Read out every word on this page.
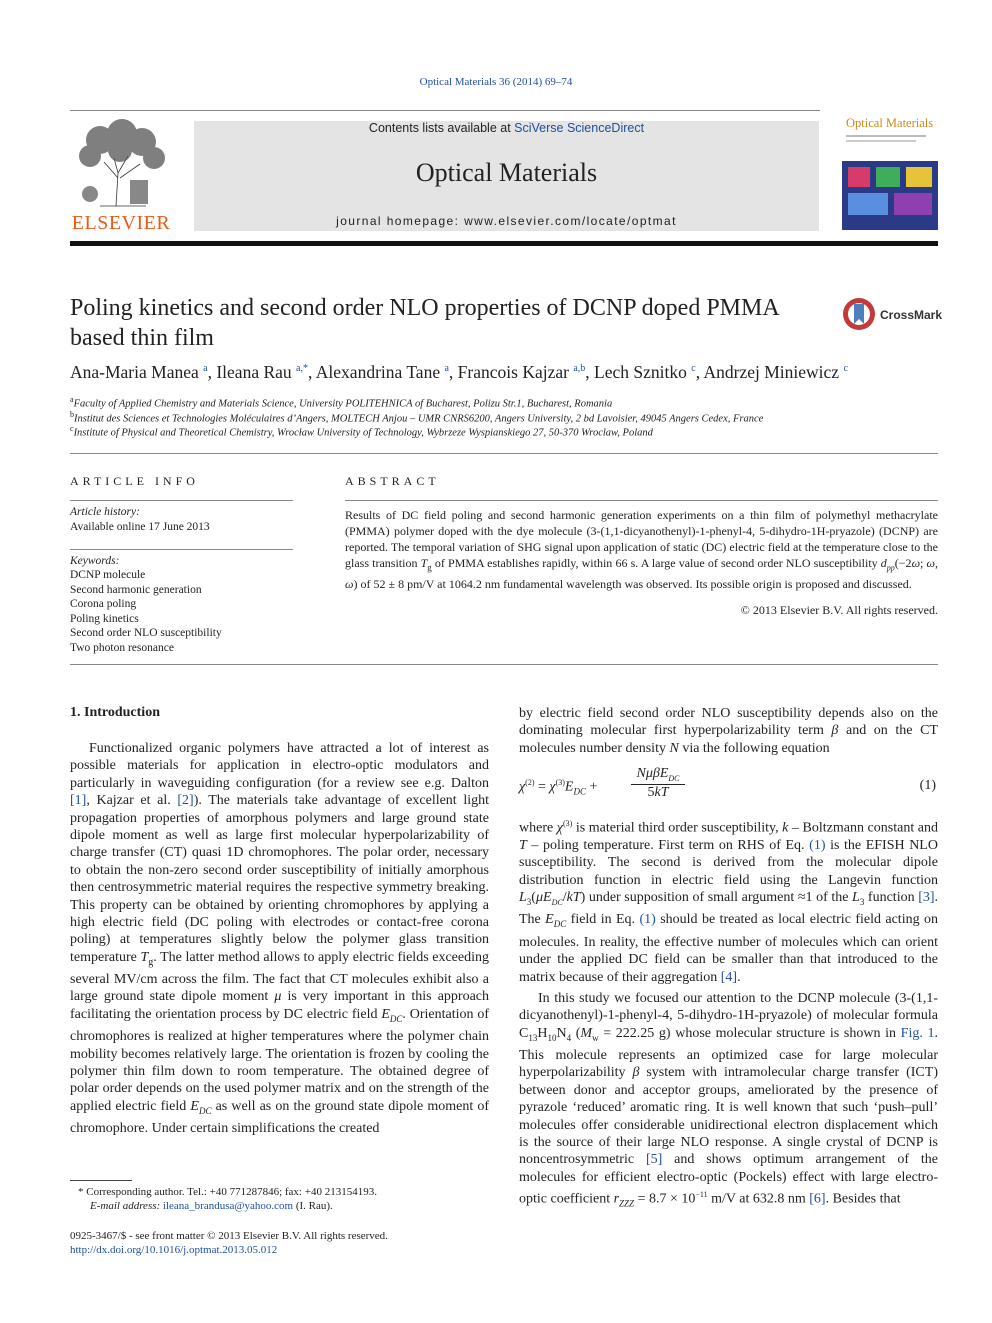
Optical Materials 36 (2014) 69–74
ELSEVIER
Contents lists available at SciVerse ScienceDirect
Optical Materials
journal homepage: www.elsevier.com/locate/optmat
Optical Materials
Poling kinetics and second order NLO properties of DCNP doped PMMA based thin film
CrossMark
Ana-Maria Manea $^a$, Ileana Rau $^{a,*}$, Alexandrina Tane $^a$, Francois Kajzar $^{a,b}$, Lech Sznitko $^c$, Andrzej Miniewicz $^c$
$^a$Faculty of Applied Chemistry and Materials Science, University POLITEHNICA of Bucharest, Polizu Str.1, Bucharest, Romania
$^b$Institut des Sciences et Technologies Moléculaires d’Angers, MOLTECH Anjou – UMR CNRS6200, Angers University, 2 bd Lavoisier, 49045 Angers Cedex, France
$^c$Institute of Physical and Theoretical Chemistry, Wrocław University of Technology, Wybrzeze Wyspianskiego 27, 50-370 Wroclaw, Poland
ARTICLE INFO
Article history:
Available online 17 June 2013
Keywords:
DCNP molecule
Second harmonic generation
Corona poling
Poling kinetics
Second order NLO susceptibility
Two photon resonance
ABSTRACT
Results of DC field poling and second harmonic generation experiments on a thin film of polymethyl methacrylate (PMMA) polymer doped with the dye molecule (3-(1,1-dicyanothenyl)-1-phenyl-4, 5-dihydro-1H-pryazole) (DCNP) are reported. The temporal variation of SHG signal upon application of static (DC) electric field at the temperature close to the glass transition $T_g$ of PMMA establishes rapidly, within 66 s. A large value of second order NLO susceptibility $d_{pp}(-2\omega$; ω, ω) of 52 ± 8 pm/V at 1064.2 nm fundamental wavelength was observed. Its possible origin is proposed and discussed.
© 2013 Elsevier B.V. All rights reserved.
1. Introduction
Functionalized organic polymers have attracted a lot of interest as possible materials for application in electro-optic modulators and particularly in waveguiding configuration (for a review see e.g. Dalton [1], Kajzar et al. [2]). The materials take advantage of excellent light propagation properties of amorphous polymers and large ground state dipole moment as well as large first molecular hyperpolarizability of charge transfer (CT) quasi 1D chromophores. The polar order, necessary to obtain the non-zero second order susceptibility of initially amorphous then centrosymmetric material requires the respective symmetry breaking. This property can be obtained by orienting chromophores by applying a high electric field (DC poling with electrodes or contact-free corona poling) at temperatures slightly below the polymer glass transition temperature $T_g$. The latter method allows to apply electric fields exceeding several MV/cm across the film. The fact that CT molecules exhibit also a large ground state dipole moment μ is very important in this approach facilitating the orientation process by DC electric field $E_{DC}$. Orientation of chromophores is realized at higher temperatures where the polymer chain mobility becomes relatively large. The orientation is frozen by cooling the polymer thin film down to room temperature. The obtained degree of polar order depends on the used polymer matrix and on the strength of the applied electric field $E_{DC}$ as well as on the ground state dipole moment of chromophore. Under certain simplifications the created
by electric field second order NLO susceptibility depends also on the dominating molecular first hyperpolarizability term β and on the CT molecules number density N via the following equation
$\chi^{(2)} = \chi^{(3)}E_{DC}$ +
NμβE$_{DC}$
5kT	(1)
where $\chi^{(3)}$ is material third order susceptibility, k – Boltzmann constant and T – poling temperature. First term on RHS of Eq. (1) is the EFISH NLO susceptibility. The second is derived from the molecular dipole distribution function in electric field using the Langevin function $L_3(\mu E_{DC}/kT)$ under supposition of small argument ≈1 of the $L_3$ function [3]. The $E_{DC}$ field in Eq. (1) should be treated as local electric field acting on molecules. In reality, the effective number of molecules which can orient under the applied DC field can be smaller than that introduced to the matrix because of their aggregation [4].
In this study we focused our attention to the DCNP molecule (3-(1,1-dicyanothenyl)-1-phenyl-4, 5-dihydro-1H-pryazole) of molecular formula $C_{13}H_{10}N_4$ ($M_w = 222.25$ g) whose molecular structure is shown in Fig. 1. This molecule represents an optimized case for large molecular hyperpolarizability β system with intramolecular charge transfer (ICT) between donor and acceptor groups, ameliorated by the presence of pyrazole ‘reduced’ aromatic ring. It is well known that such ‘push–pull’ molecules offer considerable unidirectional electron displacement which is the source of their large NLO response. A single crystal of DCNP is noncentrosymmetric [5] and shows optimum arrangement of the molecules for efficient electro-optic (Pockels) effect with large electro-optic coefficient $r_{ZZZ} = 8.7 \times 10^{-11}$ m/V at 632.8 nm [6]. Besides that
* Corresponding author. Tel.: +40 771287846; fax: +40 213154193.
E-mail address: ileana_brandusa@yahoo.com (I. Rau).
0925-3467/$ - see front matter © 2013 Elsevier B.V. All rights reserved.
http://dx.doi.org/10.1016/j.optmat.2013.05.012
